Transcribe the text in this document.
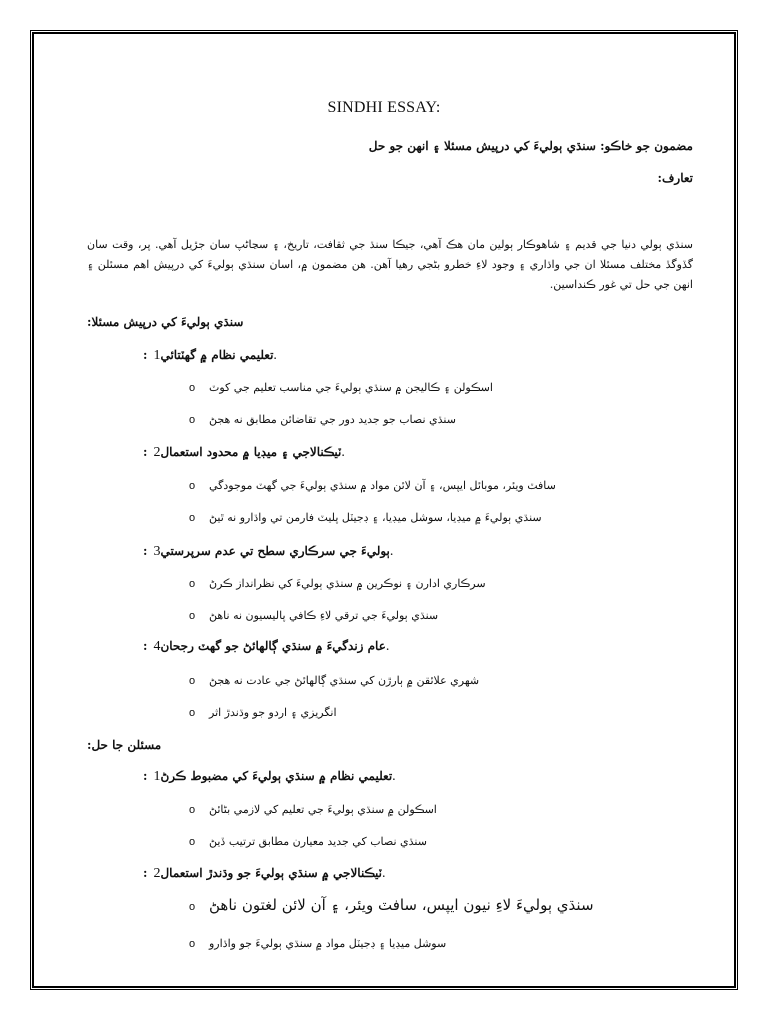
SINDHI ESSAY:
مضمون جو خاڪو: سنڌي ٻوليءَ کي درپيش مسئلا ۽ انهن جو حل
تعارف:
سنڌي ٻولي دنيا جي قديم ۽ شاهوڪار ٻولين مان هڪ آهي، جيڪا سنڌ جي ثقافت، تاريخ، ۽ سڃاڻپ سان جڙيل آهي. پر، وقت سان گڏوگڏ مختلف مسئلا ان جي واڌاري ۽ وجود لاءِ خطرو بڻجي رهيا آهن. هن مضمون ۾، اسان سنڌي ٻوليءَ کي درپيش اهم مسئلن ۽ انهن جي حل تي غور ڪنداسين.
:سنڌي ٻوليءَ کي درپيش مسئلا
:تعليمي نظام ۾ گهٽتائي1.
o اسڪولن ۽ ڪاليجن ۾ سنڌي ٻوليءَ جي مناسب تعليم جي کوٽ
o سنڌي نصاب جو جديد دور جي تقاضائن مطابق نه هجڻ
:ٽيڪنالاجي ۽ ميڊيا ۾ محدود استعمال2.
o سافٽ ويئر، موبائل ايپس، ۽ آن لائن مواد ۾ سنڌي ٻوليءَ جي گهٽ موجودگي
o سنڌي ٻوليءَ ۾ ميڊيا، سوشل ميڊيا، ۽ ڊجيٽل پليٽ فارمن تي واڌارو نه ٿيڻ
:ٻوليءَ جي سرڪاري سطح تي عدم سرپرستي3.
o سرڪاري ادارن ۽ نوڪرين ۾ سنڌي ٻوليءَ کي نظرانداز ڪرڻ
o سنڌي ٻوليءَ جي ترقي لاءِ ڪافي پاليسيون نه ناهڻ
:عام زندگيءَ ۾ سنڌي ڳالهائڻ جو گهٽ رجحان4.
o شهري علائقن ۾ ٻارڙن کي سنڌي ڳالهائڻ جي عادت نه هجڻ
o انگريزي ۽ اردو جو وڌندڙ اثر
:مسئلن جا حل
:تعليمي نظام ۾ سنڌي ٻوليءَ کي مضبوط ڪرڻ1.
o اسڪولن ۾ سنڌي ٻوليءَ جي تعليم کي لازمي بڻائڻ
o سنڌي نصاب کي جديد معيارن مطابق ترتيب ڏيڻ
:ٽيڪنالاجي ۾ سنڌي ٻوليءَ جو وڌندڙ استعمال2.
o سنڌي ٻوليءَ لاءِ نيون ايپس، سافٽ ويئر، ۽ آن لائن لغتون ناهڻ
o سوشل ميڊيا ۽ ڊجيٽل مواد ۾ سنڌي ٻوليءَ جو واڌارو
